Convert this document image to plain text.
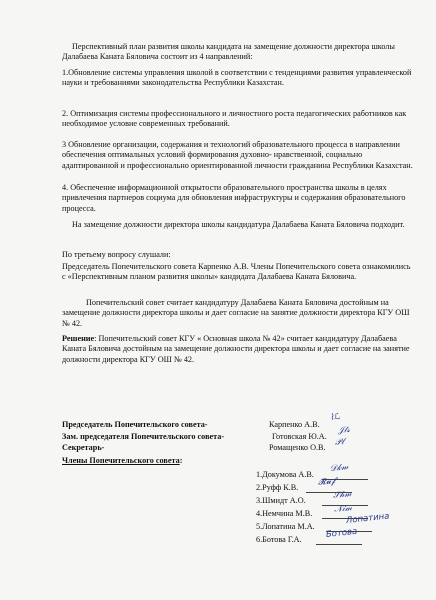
Перспективный план развития школы кандидата на замещение должности директора школы Далабаева Каната Бяловича состоит из 4 направлений:
1.Обновление системы управления школой в соответствии с тенденциями развития управленческой науки и требованиями законодательства Республики Казахстан.
2. Оптимизация системы профессионального и личностного роста педагогических работников как необходимое условие современных требований.
3 Обновление организации, содержания и технологий образовательного процесса в направлении обеспечения оптимальных условий формирования духовно- нравственной, социально адаптированной и профессионально ориентированной личности гражданина Республики Казахстан.
4. Обеспечение информационной открытости образовательного пространства школы в целях привлечения партнеров социума для обновления инфраструктуры и содержания образовательного процесса.
На замещение должности директора школы кандидатура Далабаева Каната Бяловича подходит.
По третьему вопросу слушали:
Председатель Попечительского совета Карпенко А.В. Члены Попечительского совета ознакомились с «Перспективным планом развития школы» кандидата Далабаева Каната Бяловича.
Попечительский совет считает кандидатуру Далабаева Каната Бяловича достойным на замещение должности директора школы и дает согласие на занятие должности директора КГУ ОШ № 42.
Решение: Попечительский совет КГУ « Основная школа № 42» считает кандидатуру Далабаева Каната Бяловича достойным на замещение должности директора школы и дает согласие на занятие должности директора КГУ ОШ № 42.
Председатель Попечительского совета-	Карпенко А.В.
⌇ℒ
Зам. председателя Попечительского совета-	Готовская Ю.А.
𝒥𝓉𝓈
Секретарь-	Ромащенко О.В. 𝒫𝓁
Члены Попечительского совета:
1.Докумова А.В.
𝒟𝓀𝓂
2.Руфф К.В. 𝓡𝓾𝓯
3.Шмидт А.О.	𝒮𝒽𝓂
4.Немчина М.В. 𝒩𝒾𝓂
5.Лопатина М.А.
Лопатина
6.Ботова Г.А.	Ботова
